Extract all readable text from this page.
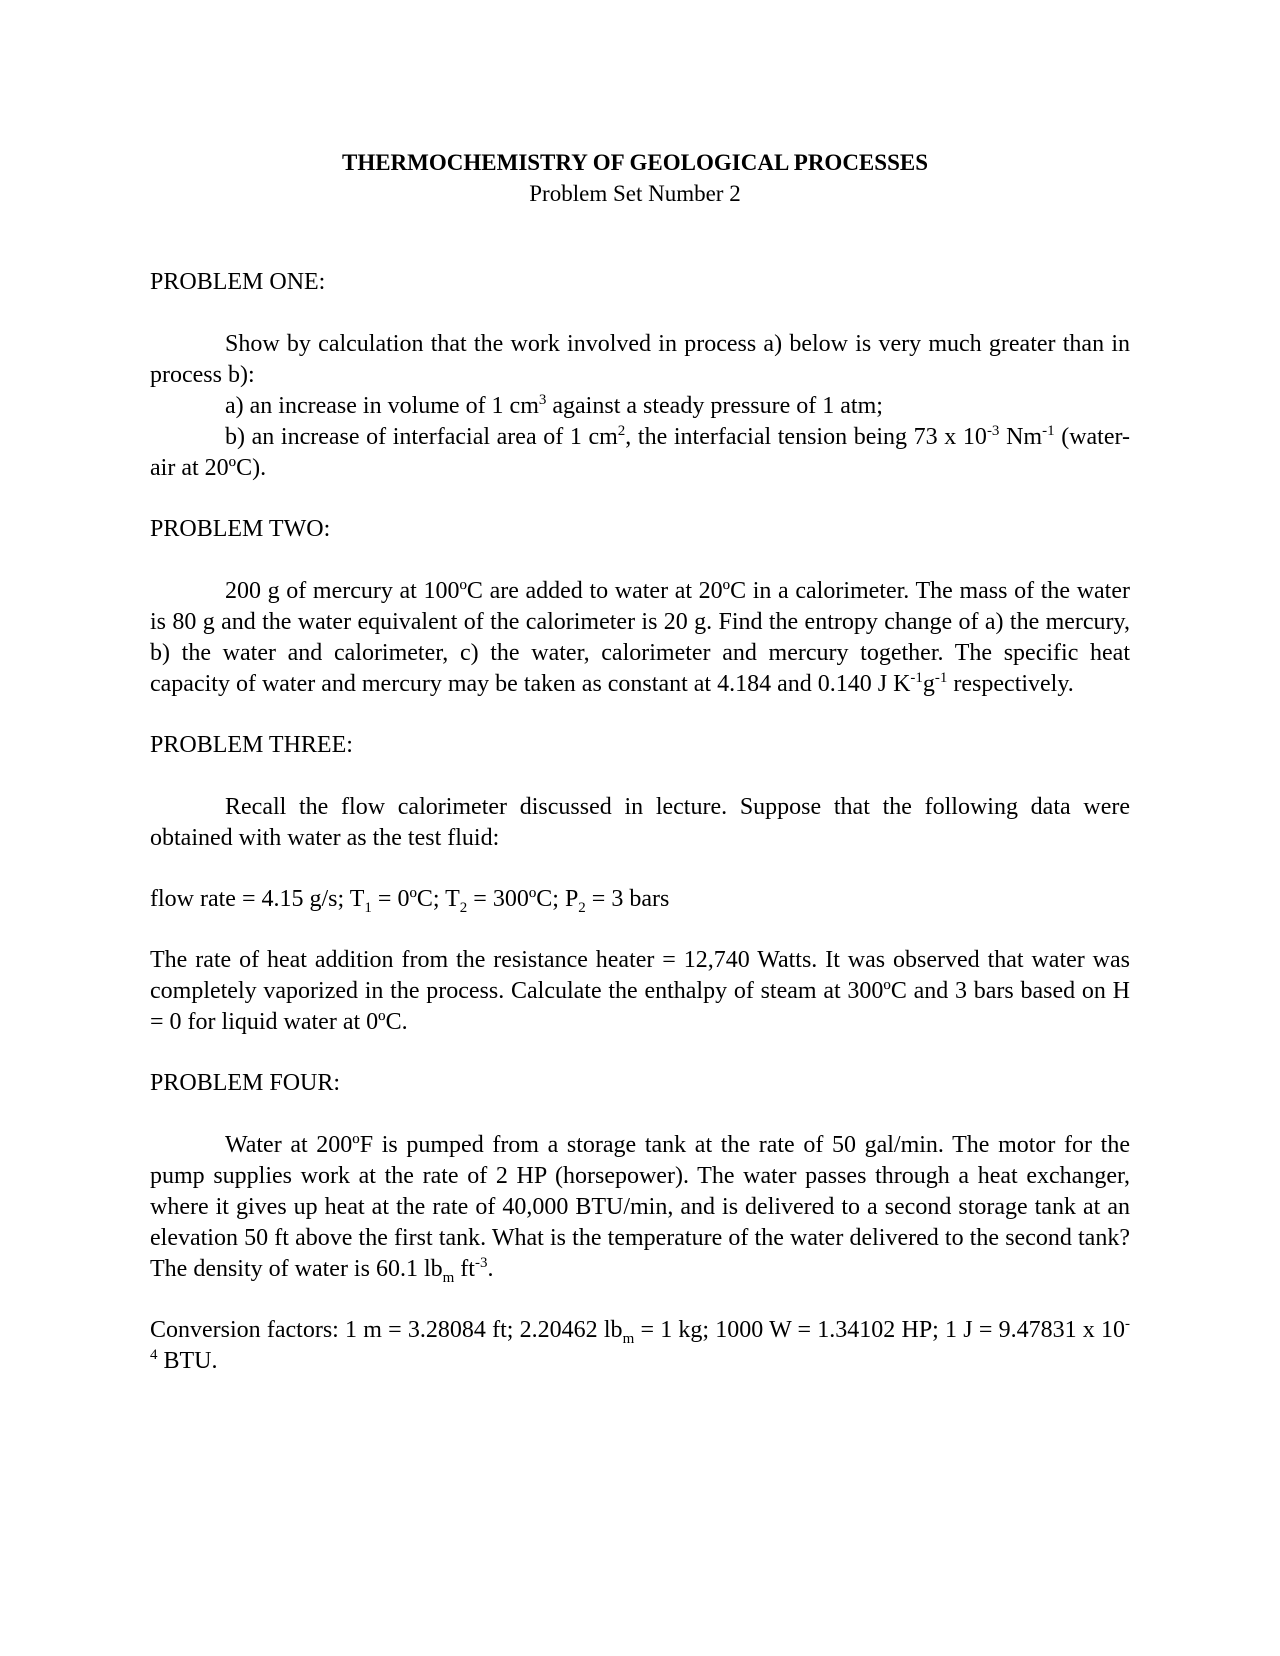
THERMOCHEMISTRY OF GEOLOGICAL PROCESSES
Problem Set Number 2

PROBLEM ONE:

Show by calculation that the work involved in process a) below is very much greater than in process b):

a) an increase in volume of 1 $cm^3$ against a steady pressure of 1 atm;

b) an increase of interfacial area of 1 $cm^2$, the interfacial tension being 73 x $10^{-3}$ $Nm^{-1}$ (water-air at 20ºC).

PROBLEM TWO:

200 g of mercury at 100ºC are added to water at 20ºC in a calorimeter. The mass of the water is 80 g and the water equivalent of the calorimeter is 20 g. Find the entropy change of a) the mercury, b) the water and calorimeter, c) the water, calorimeter and mercury together. The specific heat capacity of water and mercury may be taken as constant at 4.184 and 0.140 J $K^{-1}g^{-1}$ respectively.

PROBLEM THREE:

Recall the flow calorimeter discussed in lecture. Suppose that the following data were obtained with water as the test fluid:

flow rate = 4.15 g/s; $T_1$ = 0ºC; $T_2$ = 300ºC; $P_2 = 3$ bars

The rate of heat addition from the resistance heater = 12,740 Watts. It was observed that water was completely vaporized in the process. Calculate the enthalpy of steam at 300ºC and 3 bars based on H = 0 for liquid water at 0ºC.

PROBLEM FOUR:

Water at 200ºF is pumped from a storage tank at the rate of 50 gal/min. The motor for the pump supplies work at the rate of 2 HP (horsepower). The water passes through a heat exchanger, where it gives up heat at the rate of 40,000 BTU/min, and is delivered to a second storage tank at an elevation 50 ft above the first tank. What is the temperature of the water delivered to the second tank? The density of water is 60.1 $lb_m$ $ft^{-3}$.

Conversion factors: 1 m = 3.28084 ft; 2.20462 $lb_m = 1$ kg; 1000 W = 1.34102 HP; 1 J = 9.47831 x $10^{-4}$ BTU.
